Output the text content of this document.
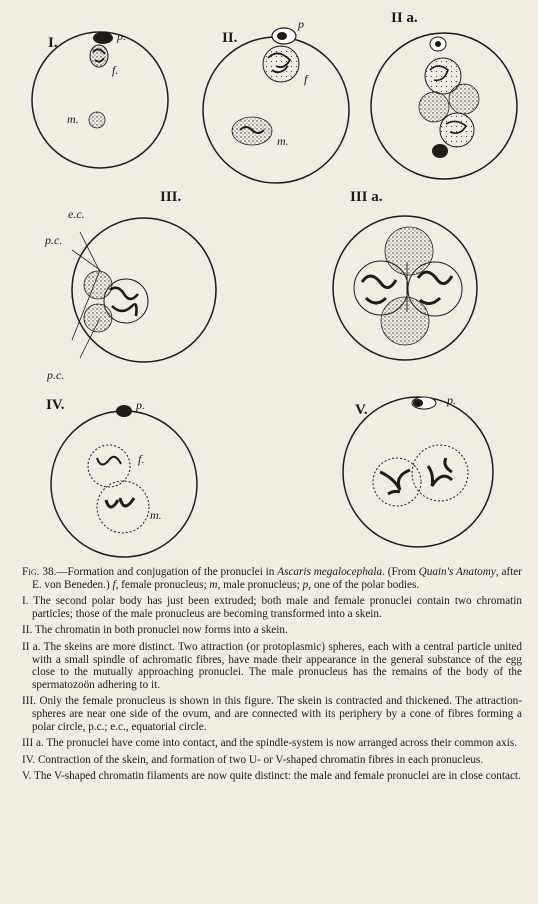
I.	p.
f.
m.
II.
p
f
m.
II a.
III.
e.c.
p.c.
p.c.
III a.
IV.	p.
f.
m.
V.
p.

Fig. 38.—Formation and conjugation of the pronuclei in Ascaris megalocephala. (From Quain's Anatomy, after E. von Beneden.) f, female pronucleus; m, male pronucleus; p, one of the polar bodies.

I. The second polar body has just been extruded; both male and female pronuclei contain two chromatin particles; those of the male pronucleus are becoming transformed into a skein.

II. The chromatin in both pronuclei now forms into a skein.

II a. The skeins are more distinct. Two attraction (or protoplasmic) spheres, each with a central particle united with a small spindle of achromatic fibres, have made their appearance in the general substance of the egg close to the mutually approaching pronuclei. The male pronucleus has the remains of the body of the spermatozoön adhering to it.

III. Only the female pronucleus is shown in this figure. The skein is contracted and thickened. The attraction-spheres are near one side of the ovum, and are connected with its periphery by a cone of fibres forming a polar circle, p.c.; e.c., equatorial circle.

III a. The pronuclei have come into contact, and the spindle-system is now arranged across their common axis.

IV. Contraction of the skein, and formation of two U- or V-shaped chromatin fibres in each pronucleus.

V. The V-shaped chromatin filaments are now quite distinct: the male and female pronuclei are in close contact.
